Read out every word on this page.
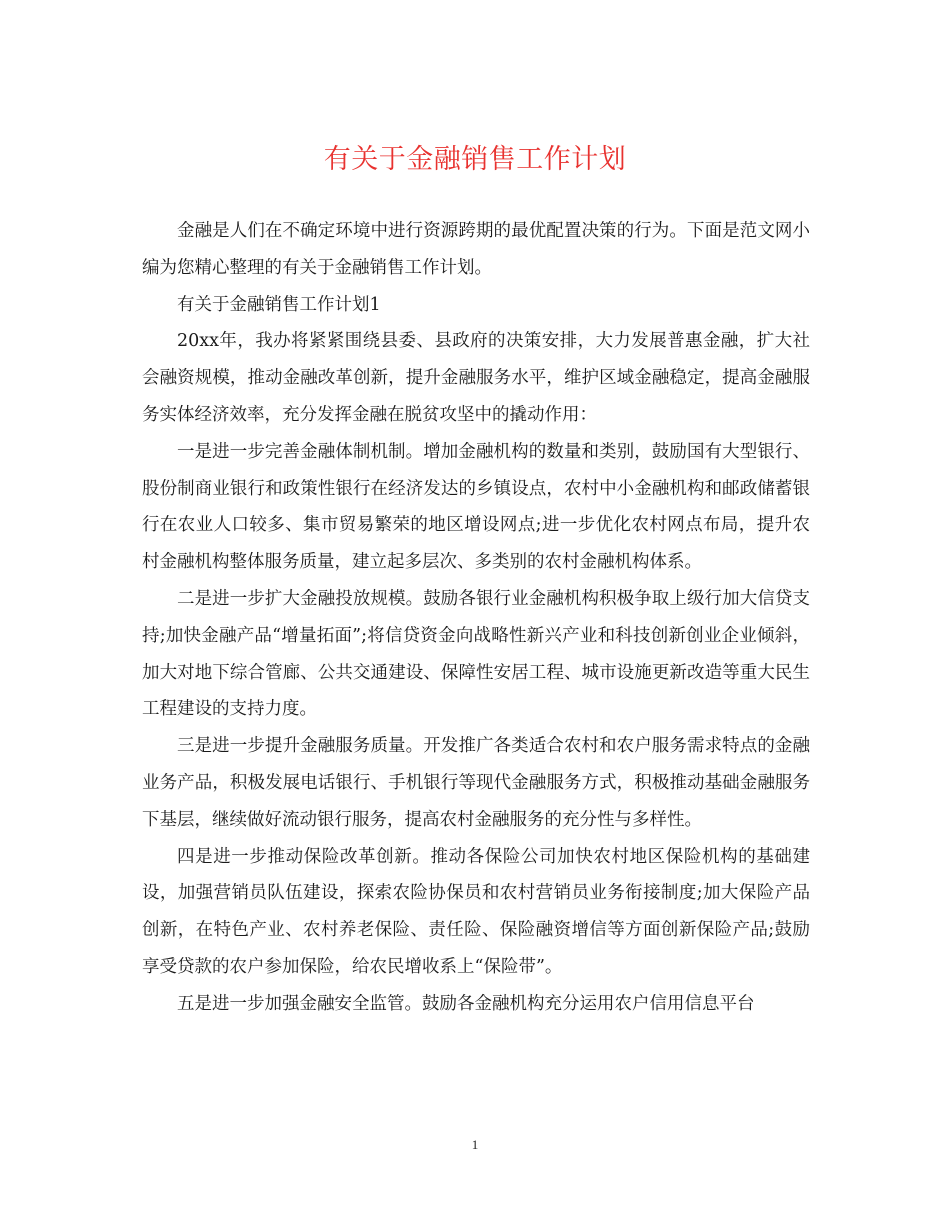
有关于金融销售工作计划

金融是人们在不确定环境中进行资源跨期的最优配置决策的行为。下面是范文网小编为您精心整理的有关于金融销售工作计划。

有关于金融销售工作计划1

20xx年，我办将紧紧围绕县委、县政府的决策安排，大力发展普惠金融，扩大社会融资规模，推动金融改革创新，提升金融服务水平，维护区域金融稳定，提高金融服务实体经济效率，充分发挥金融在脱贫攻坚中的撬动作用：

一是进一步完善金融体制机制。增加金融机构的数量和类别，鼓励国有大型银行、股份制商业银行和政策性银行在经济发达的乡镇设点，农村中小金融机构和邮政储蓄银行在农业人口较多、集市贸易繁荣的地区增设网点;进一步优化农村网点布局，提升农村金融机构整体服务质量，建立起多层次、多类别的农村金融机构体系。

二是进一步扩大金融投放规模。鼓励各银行业金融机构积极争取上级行加大信贷支持;加快金融产品“增量拓面”;将信贷资金向战略性新兴产业和科技创新创业企业倾斜，加大对地下综合管廊、公共交通建设、保障性安居工程、城市设施更新改造等重大民生工程建设的支持力度。

三是进一步提升金融服务质量。开发推广各类适合农村和农户服务需求特点的金融业务产品，积极发展电话银行、手机银行等现代金融服务方式，积极推动基础金融服务下基层，继续做好流动银行服务，提高农村金融服务的充分性与多样性。

四是进一步推动保险改革创新。推动各保险公司加快农村地区保险机构的基础建设，加强营销员队伍建设，探索农险协保员和农村营销员业务衔接制度;加大保险产品创新，在特色产业、农村养老保险、责任险、保险融资增信等方面创新保险产品;鼓励享受贷款的农户参加保险，给农民增收系上“保险带”。

五是进一步加强金融安全监管。鼓励各金融机构充分运用农户信用信息平台

1
